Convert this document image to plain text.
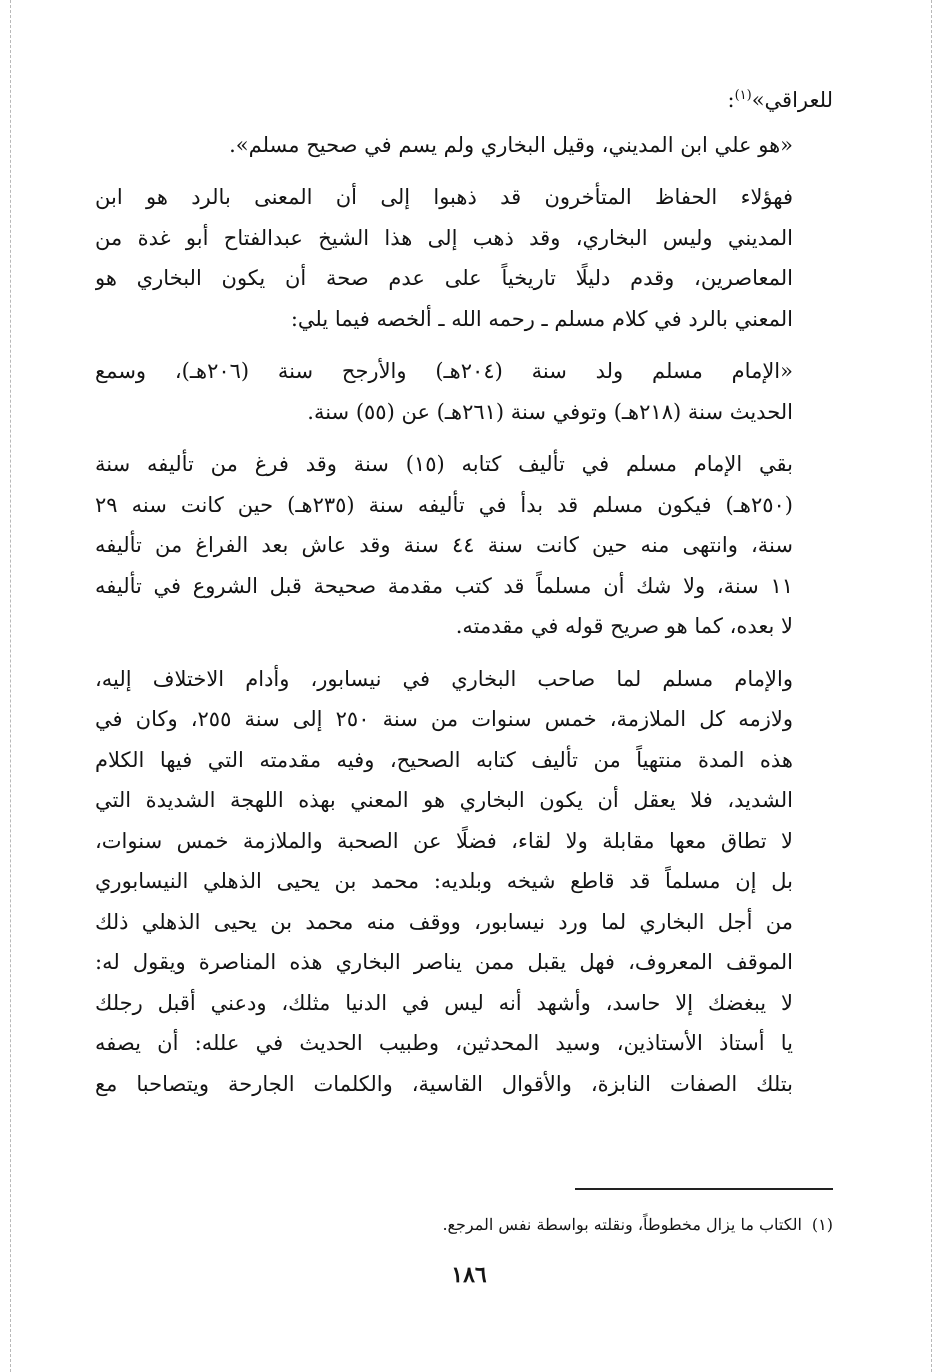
للعراقي»$^{(١)}$:
«هو علي ابن المديني، وقيل البخاري ولم يسم في صحيح مسلم».
فهؤلاء الحفاظ المتأخرون قد ذهبوا إلى أن المعنى بالرد هو ابن
المديني وليس البخاري، وقد ذهب إلى هذا الشيخ عبدالفتاح أبو غدة من
المعاصرين، وقدم دليلًا تاريخياً على عدم صحة أن يكون البخاري هو
المعني بالرد في كلام مسلم ـ رحمه الله ـ ألخصه فيما يلي:
«الإمام مسلم ولد سنة (٢٠٤هـ) والأرجح سنة (٢٠٦هـ)، وسمع
الحديث سنة (٢١٨هـ) وتوفي سنة (٢٦١هـ) عن (٥٥) سنة.
بقي الإمام مسلم في تأليف كتابه (١٥) سنة وقد فرغ من تأليفه سنة
(٢٥٠هـ) فيكون مسلم قد بدأ في تأليفه سنة (٢٣٥هـ) حين كانت سنه ٢٩
سنة، وانتهى منه حين كانت سنة ٤٤ سنة وقد عاش بعد الفراغ من تأليفه
١١ سنة، ولا شك أن مسلماً قد كتب مقدمة صحيحة قبل الشروع في تأليفه
لا بعده، كما هو صريح قوله في مقدمته.
والإمام مسلم لما صاحب البخاري في نيسابور، وأدام الاختلاف إليه،
ولازمه كل الملازمة، خمس سنوات من سنة ٢٥٠ إلى سنة ٢٥٥، وكان في
هذه المدة منتهياً من تأليف كتابه الصحيح، وفيه مقدمته التي فيها الكلام
الشديد، فلا يعقل أن يكون البخاري هو المعني بهذه اللهجة الشديدة التي
لا تطاق معها مقابلة ولا لقاء، فضلًا عن الصحبة والملازمة خمس سنوات،
بل إن مسلماً قد قاطع شيخه وبلديه: محمد بن يحيى الذهلي النيسابوري
من أجل البخاري لما ورد نيسابور، ووقف منه محمد بن يحيى الذهلي ذلك
الموقف المعروف، فهل يقبل ممن يناصر البخاري هذه المناصرة ويقول له:
لا يبغضك إلا حاسد، وأشهد أنه ليس في الدنيا مثلك، ودعني أقبل رجلك
يا أستاذ الأستاذين، وسيد المحدثين، وطبيب الحديث في علله: أن يصفه
بتلك الصفات النابزة، والأقوال القاسية، والكلمات الجارحة ويتصاحبا مع
(١)الكتاب ما يزال مخطوطاً، ونقلته بواسطة نفس المرجع.
١٨٦
